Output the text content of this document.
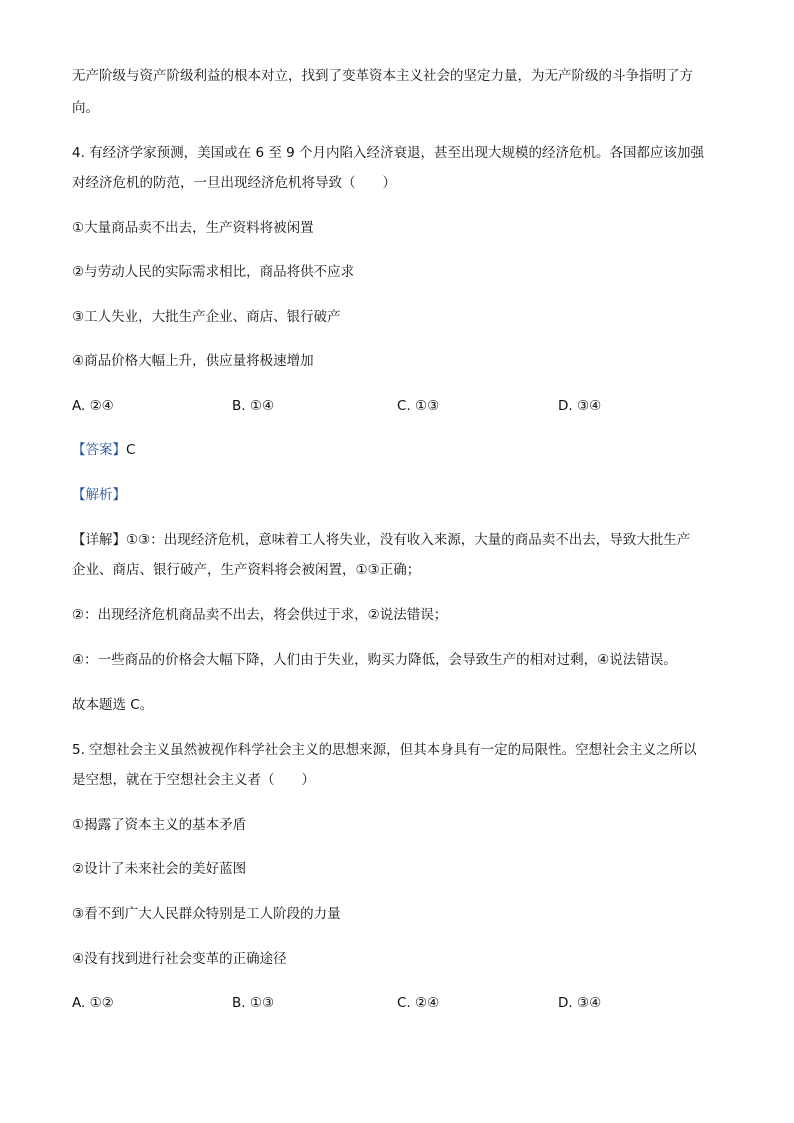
无产阶级与资产阶级利益的根本对立，找到了变革资本主义社会的坚定力量，为无产阶级的斗争指明了方
向。
4. 有经济学家预测，美国或在 6 至 9 个月内陷入经济衰退，甚至出现大规模的经济危机。各国都应该加强
对经济危机的防范，一旦出现经济危机将导致（　　）
①大量商品卖不出去，生产资料将被闲置
②与劳动人民的实际需求相比，商品将供不应求
③工人失业，大批生产企业、商店、银行破产
④商品价格大幅上升，供应量将极速增加
A. ②④	B. ①④	C. ①③	D. ③④
【答案】C
【解析】
【详解】①③：出现经济危机，意味着工人将失业，没有收入来源，大量的商品卖不出去，导致大批生产
企业、商店、银行破产，生产资料将会被闲置，①③正确；
②：出现经济危机商品卖不出去，将会供过于求，②说法错误；
④：一些商品的价格会大幅下降，人们由于失业，购买力降低，会导致生产的相对过剩，④说法错误。
故本题选 C。
5. 空想社会主义虽然被视作科学社会主义的思想来源，但其本身具有一定的局限性。空想社会主义之所以
是空想，就在于空想社会主义者（　　）
①揭露了资本主义的基本矛盾
②设计了未来社会的美好蓝图
③看不到广大人民群众特别是工人阶段的力量
④没有找到进行社会变革的正确途径
A. ①②	B. ①③	C. ②④	D. ③④
